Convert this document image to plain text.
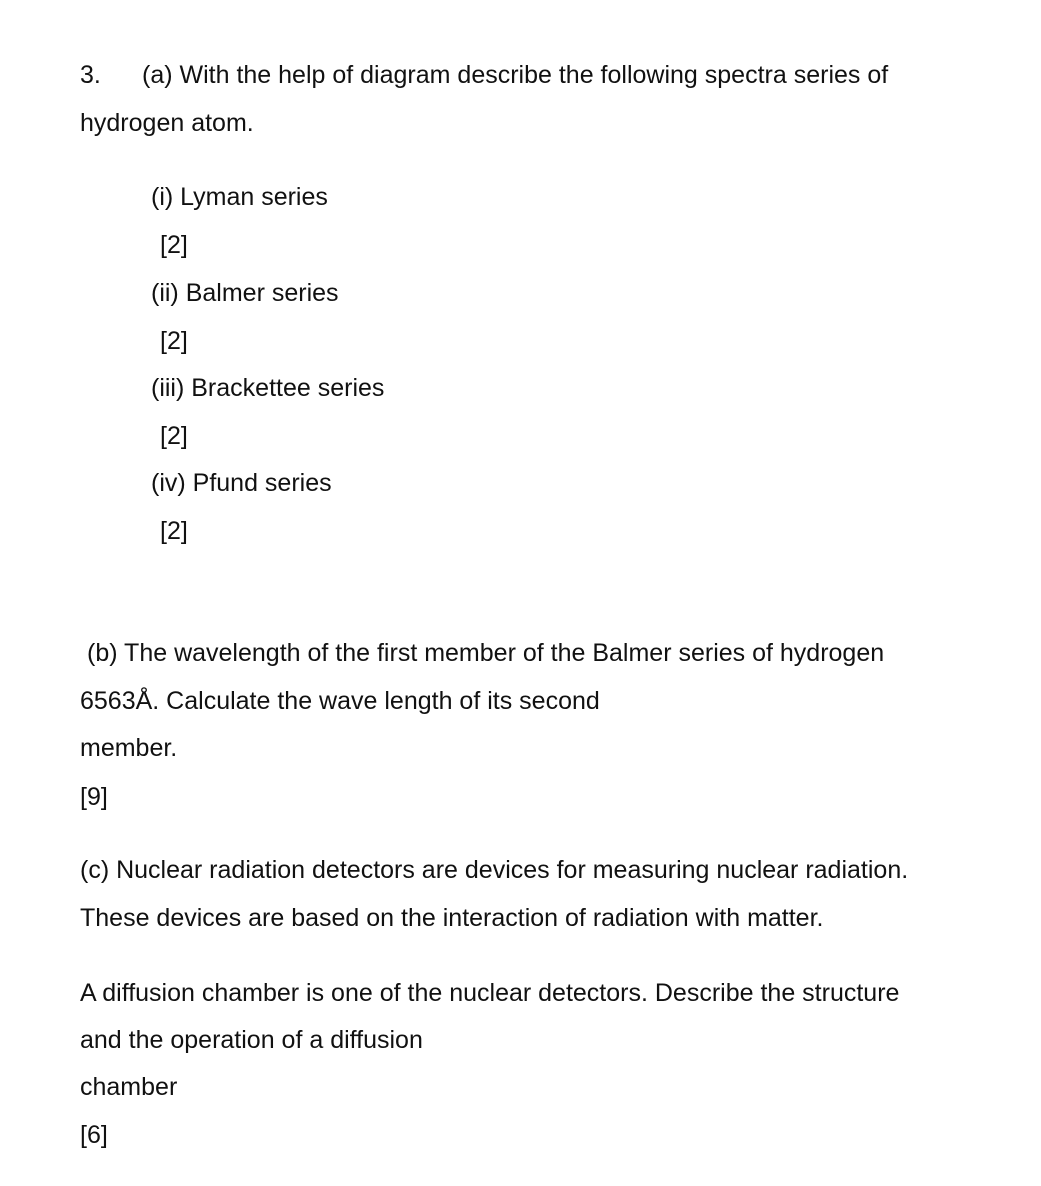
3. (a) With the help of diagram describe the following spectra series of
hydrogen atom.
(i) Lyman series
[2]
(ii) Balmer series
[2]
(iii) Brackettee series
[2]
(iv) Pfund series
[2]
(b) The wavelength of the first member of the Balmer series of hydrogen
6563Å. Calculate the wave length of its second
member.
[9]
(c) Nuclear radiation detectors are devices for measuring nuclear radiation.
These devices are based on the interaction of radiation with matter.
A diffusion chamber is one of the nuclear detectors. Describe the structure
and the operation of a diffusion
chamber
[6]
